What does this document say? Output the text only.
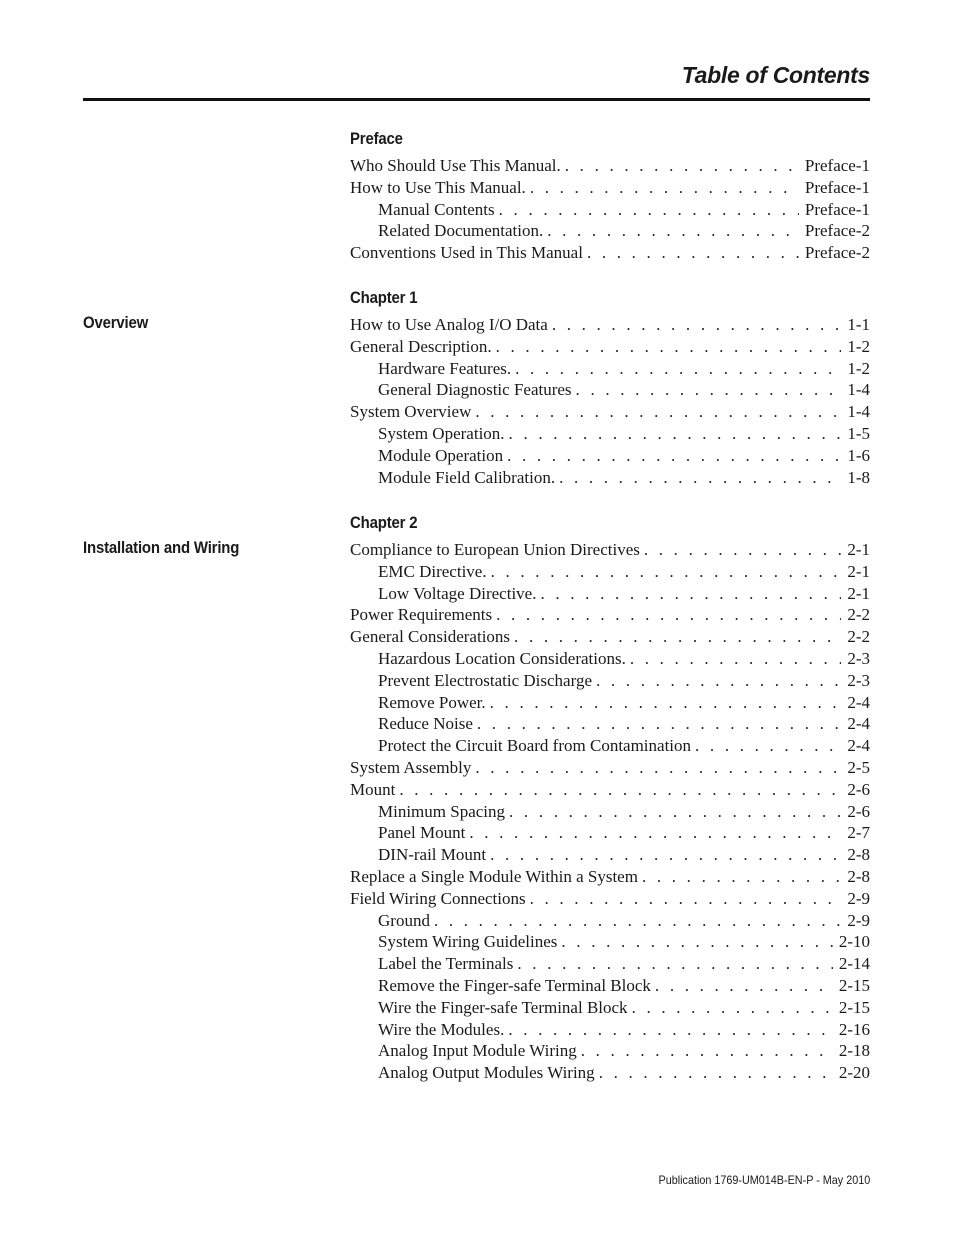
Table of Contents
Preface
Who Should Use This Manual. . . .	Preface-1
How to Use This Manual. . . .	Preface-1
Manual Contents . . .	Preface-1
Related Documentation. . . .	Preface-2
Conventions Used in This Manual . . .	Preface-2
Chapter 1
Overview	How to Use Analog I/O Data . . .	1-1
General Description. . . .	1-2
Hardware Features. . . .	1-2
General Diagnostic Features . . .	1-4
System Overview . . .	1-4
System Operation. . . .	1-5
Module Operation . . .	1-6
Module Field Calibration. . . .	1-8
Chapter 2
Installation and Wiring	Compliance to European Union Directives . . .	2-1
EMC Directive. . . .	2-1
Low Voltage Directive. . . .	2-1
Power Requirements . . .	2-2
General Considerations . . .	2-2
Hazardous Location Considerations. . . .	2-3
Prevent Electrostatic Discharge . . .	2-3
Remove Power. . . .	2-4
Reduce Noise . . .	2-4
Protect the Circuit Board from Contamination . . .	2-4
System Assembly . . .	2-5
Mount . . .	2-6
Minimum Spacing . . .	2-6
Panel Mount . . .	2-7
DIN-rail Mount . . .	2-8
Replace a Single Module Within a System . . .	2-8
Field Wiring Connections . . .	2-9
Ground . . .	2-9
System Wiring Guidelines . . .	2-10
Label the Terminals . . .	2-14
Remove the Finger-safe Terminal Block . . .	2-15
Wire the Finger-safe Terminal Block . . .	2-15
Wire the Modules. . . .	2-16
Analog Input Module Wiring . . .	2-18
Analog Output Modules Wiring . . .	2-20
Publication 1769-UM014B-EN-P - May 2010
